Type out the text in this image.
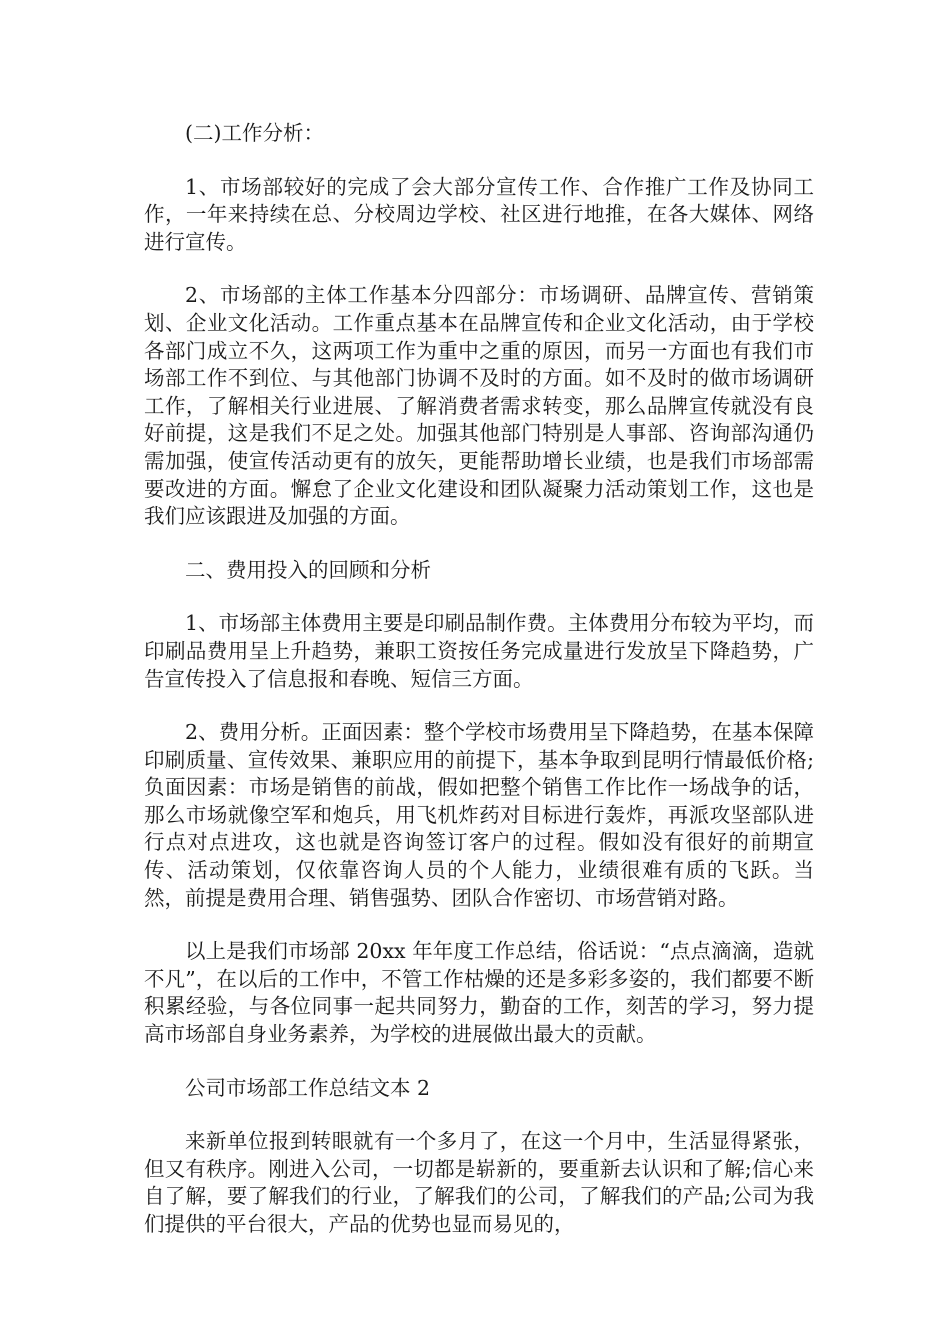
(二)工作分析：

1、市场部较好的完成了会大部分宣传工作、合作推广工作及协同工作，一年来持续在总、分校周边学校、社区进行地推，在各大媒体、网络进行宣传。

2、市场部的主体工作基本分四部分：市场调研、品牌宣传、营销策划、企业文化活动。工作重点基本在品牌宣传和企业文化活动，由于学校各部门成立不久，这两项工作为重中之重的原因，而另一方面也有我们市场部工作不到位、与其他部门协调不及时的方面。如不及时的做市场调研工作，了解相关行业进展、了解消费者需求转变，那么品牌宣传就没有良好前提，这是我们不足之处。加强其他部门特别是人事部、咨询部沟通仍需加强，使宣传活动更有的放矢，更能帮助增长业绩，也是我们市场部需要改进的方面。懈怠了企业文化建设和团队凝聚力活动策划工作，这也是我们应该跟进及加强的方面。

二、费用投入的回顾和分析

1、市场部主体费用主要是印刷品制作费。主体费用分布较为平均，而印刷品费用呈上升趋势，兼职工资按任务完成量进行发放呈下降趋势，广告宣传投入了信息报和春晚、短信三方面。

2、费用分析。正面因素：整个学校市场费用呈下降趋势，在基本保障印刷质量、宣传效果、兼职应用的前提下，基本争取到昆明行情最低价格;负面因素：市场是销售的前战，假如把整个销售工作比作一场战争的话，那么市场就像空军和炮兵，用飞机炸药对目标进行轰炸，再派攻坚部队进行点对点进攻，这也就是咨询签订客户的过程。假如没有很好的前期宣传、活动策划，仅依靠咨询人员的个人能力，业绩很难有质的飞跃。当然，前提是费用合理、销售强势、团队合作密切、市场营销对路。

以上是我们市场部 20xx 年年度工作总结，俗话说：“点点滴滴，造就不凡”，在以后的工作中，不管工作枯燥的还是多彩多姿的，我们都要不断积累经验，与各位同事一起共同努力，勤奋的工作，刻苦的学习，努力提高市场部自身业务素养，为学校的进展做出最大的贡献。

公司市场部工作总结文本 2

来新单位报到转眼就有一个多月了，在这一个月中，生活显得紧张，但又有秩序。刚进入公司，一切都是崭新的，要重新去认识和了解;信心来自了解，要了解我们的行业，了解我们的公司，了解我们的产品;公司为我们提供的平台很大，产品的优势也显而易见的，
